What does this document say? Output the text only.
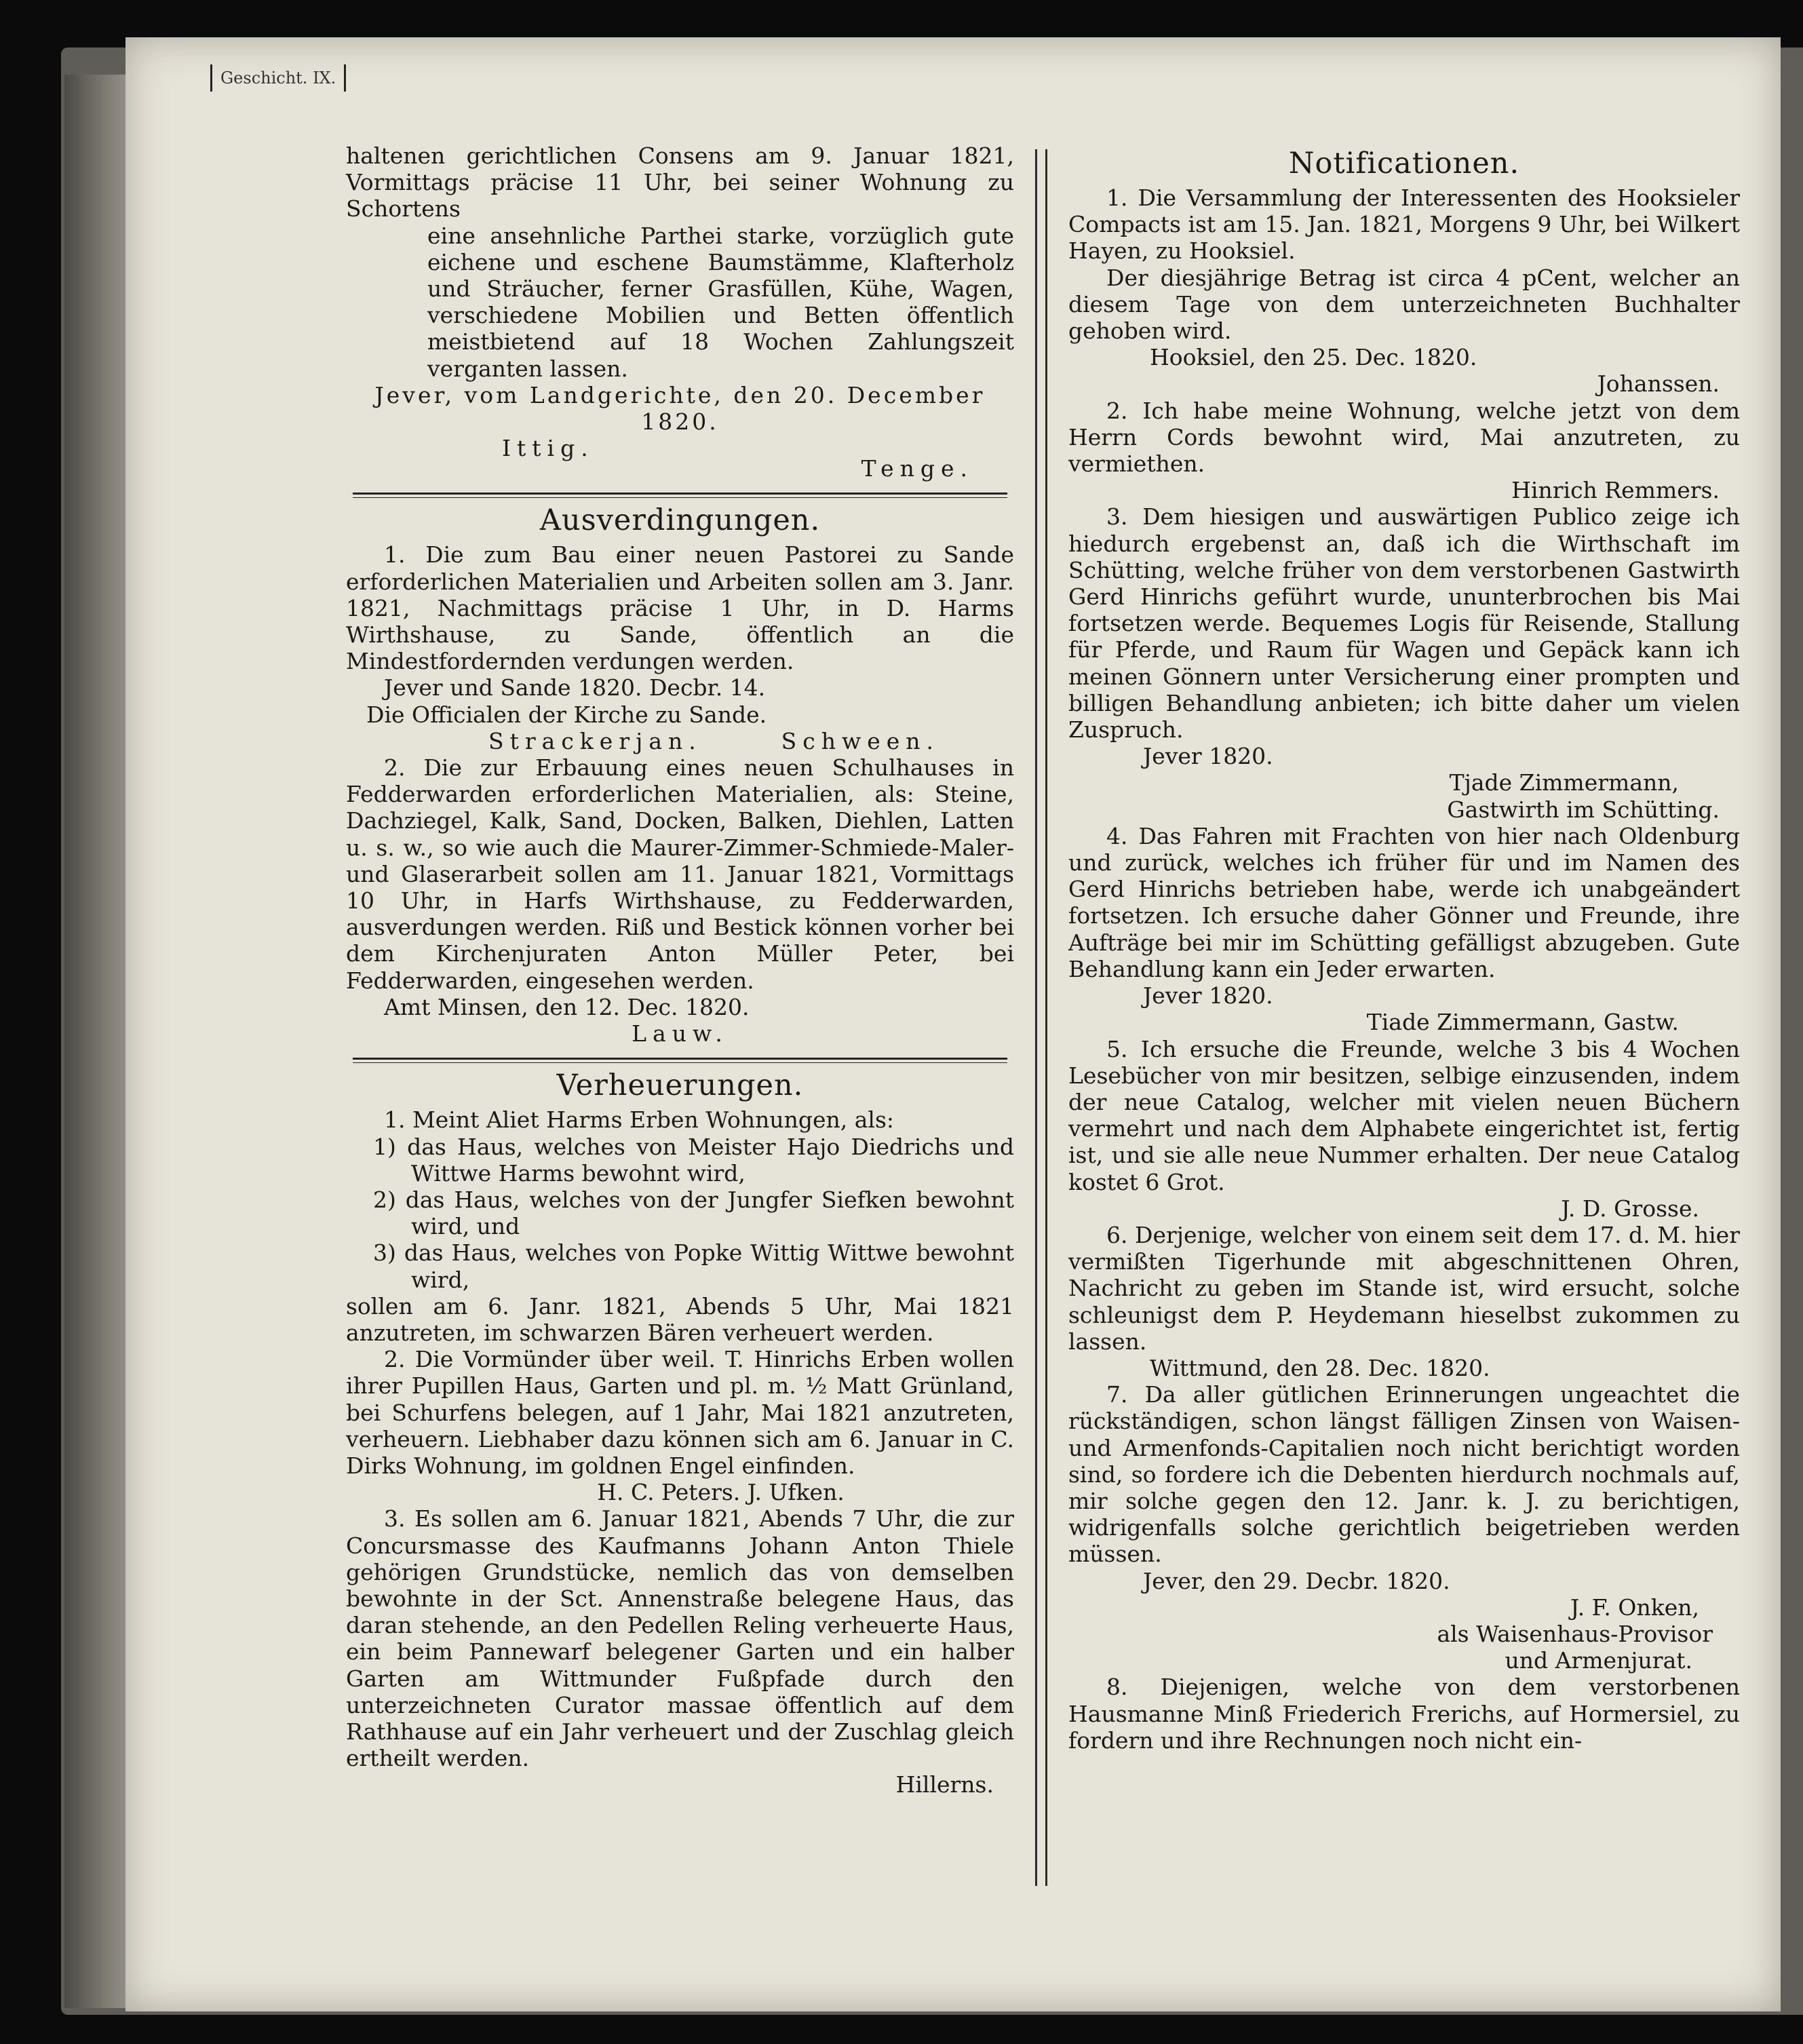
Geschicht. IX.

haltenen gerichtlichen Consens am 9. Januar 1821, Vormittags präcise 11 Uhr, bei seiner Wohnung zu Schortens

eine ansehnliche Parthei starke, vorzüglich gute eichene und eschene Baumstämme, Klafterholz und Sträucher, ferner Grasfüllen, Kühe, Wagen, verschiedene Mobilien und Betten öffentlich meistbietend auf 18 Wochen Zahlungszeit verganten lassen.

Jever, vom Landgerichte, den 20. December 1820.

Ittig.
Tenge.
Ausverdingungen.

1. Die zum Bau einer neuen Pastorei zu Sande erforderlichen Materialien und Arbeiten sollen am 3. Janr. 1821, Nachmittags präcise 1 Uhr, in D. Harms Wirthshause, zu Sande, öffentlich an die Mindestfordernden verdungen werden.

Jever und Sande 1820. Decbr. 14.

Die Officialen der Kirche zu Sande.

Strackerjan.	Schween.

2. Die zur Erbauung eines neuen Schulhauses in Fedderwarden erforderlichen Materialien, als: Steine, Dachziegel, Kalk, Sand, Docken, Balken, Diehlen, Latten u. s. w., so wie auch die Maurer-Zimmer-Schmiede-Maler- und Glaserarbeit sollen am 11. Januar 1821, Vormittags 10 Uhr, in Harfs Wirthshause, zu Fedderwarden, ausverdungen werden. Riß und Bestick können vorher bei dem Kirchenjuraten Anton Müller Peter, bei Fedderwarden, eingesehen werden.

Amt Minsen, den 12. Dec. 1820.

Lauw.

Verheuerungen.

1. Meint Aliet Harms Erben Wohnungen, als:

1) das Haus, welches von Meister Hajo Diedrichs und Wittwe Harms bewohnt wird,

2) das Haus, welches von der Jungfer Siefken bewohnt wird, und

3) das Haus, welches von Popke Wittig Wittwe bewohnt wird,

sollen am 6. Janr. 1821, Abends 5 Uhr, Mai 1821 anzutreten, im schwarzen Bären verheuert werden.

2. Die Vormünder über weil. T. Hinrichs Erben wollen ihrer Pupillen Haus, Garten und pl. m. ½ Matt Grünland, bei Schurfens belegen, auf 1 Jahr, Mai 1821 anzutreten, verheuern. Liebhaber dazu können sich am 6. Januar in C. Dirks Wohnung, im goldnen Engel einfinden.

H. C. Peters. J. Ufken.

3. Es sollen am 6. Januar 1821, Abends 7 Uhr, die zur Concursmasse des Kaufmanns Johann Anton Thiele gehörigen Grundstücke, nemlich das von demselben bewohnte in der Sct. Annenstraße belegene Haus, das daran stehende, an den Pedellen Reling verheuerte Haus, ein beim Pannewarf belegener Garten und ein halber Garten am Wittmunder Fußpfade durch den unterzeichneten Curator massae öffentlich auf dem Rathhause auf ein Jahr verheuert und der Zuschlag gleich ertheilt werden.

Hillerns.

Notificationen.

1. Die Versammlung der Interessenten des Hooksieler Compacts ist am 15. Jan. 1821, Morgens 9 Uhr, bei Wilkert Hayen, zu Hooksiel.

Der diesjährige Betrag ist circa 4 pCent, welcher an diesem Tage von dem unterzeichneten Buchhalter gehoben wird.

Hooksiel, den 25. Dec. 1820.

Johanssen.

2. Ich habe meine Wohnung, welche jetzt von dem Herrn Cords bewohnt wird, Mai anzutreten, zu vermiethen.

Hinrich Remmers.

3. Dem hiesigen und auswärtigen Publico zeige ich hiedurch ergebenst an, daß ich die Wirthschaft im Schütting, welche früher von dem verstorbenen Gastwirth Gerd Hinrichs geführt wurde, ununterbrochen bis Mai fortsetzen werde. Bequemes Logis für Reisende, Stallung für Pferde, und Raum für Wagen und Gepäck kann ich meinen Gönnern unter Versicherung einer prompten und billigen Behandlung anbieten; ich bitte daher um vielen Zuspruch.

Jever 1820.

Tjade Zimmermann,

Gastwirth im Schütting.

4. Das Fahren mit Frachten von hier nach Oldenburg und zurück, welches ich früher für und im Namen des Gerd Hinrichs betrieben habe, werde ich unabgeändert fortsetzen. Ich ersuche daher Gönner und Freunde, ihre Aufträge bei mir im Schütting gefälligst abzugeben. Gute Behandlung kann ein Jeder erwarten.

Jever 1820.

Tiade Zimmermann, Gastw.

5. Ich ersuche die Freunde, welche 3 bis 4 Wochen Lesebücher von mir besitzen, selbige einzusenden, indem der neue Catalog, welcher mit vielen neuen Büchern vermehrt und nach dem Alphabete eingerichtet ist, fertig ist, und sie alle neue Nummer erhalten. Der neue Catalog kostet 6 Grot.

J. D. Grosse.

6. Derjenige, welcher von einem seit dem 17. d. M. hier vermißten Tigerhunde mit abgeschnittenen Ohren, Nachricht zu geben im Stande ist, wird ersucht, solche schleunigst dem P. Heydemann hieselbst zukommen zu lassen.

Wittmund, den 28. Dec. 1820.

7. Da aller gütlichen Erinnerungen ungeachtet die rückständigen, schon längst fälligen Zinsen von Waisen- und Armenfonds-Capitalien noch nicht berichtigt worden sind, so fordere ich die Debenten hierdurch nochmals auf, mir solche gegen den 12. Janr. k. J. zu berichtigen, widrigenfalls solche gerichtlich beigetrieben werden müssen.

Jever, den 29. Decbr. 1820.

J. F. Onken,

als Waisenhaus-Provisor

und Armenjurat.

8. Diejenigen, welche von dem verstorbenen Hausmanne Minß Friederich Frerichs, auf Hormersiel, zu fordern und ihre Rechnungen noch nicht ein-
